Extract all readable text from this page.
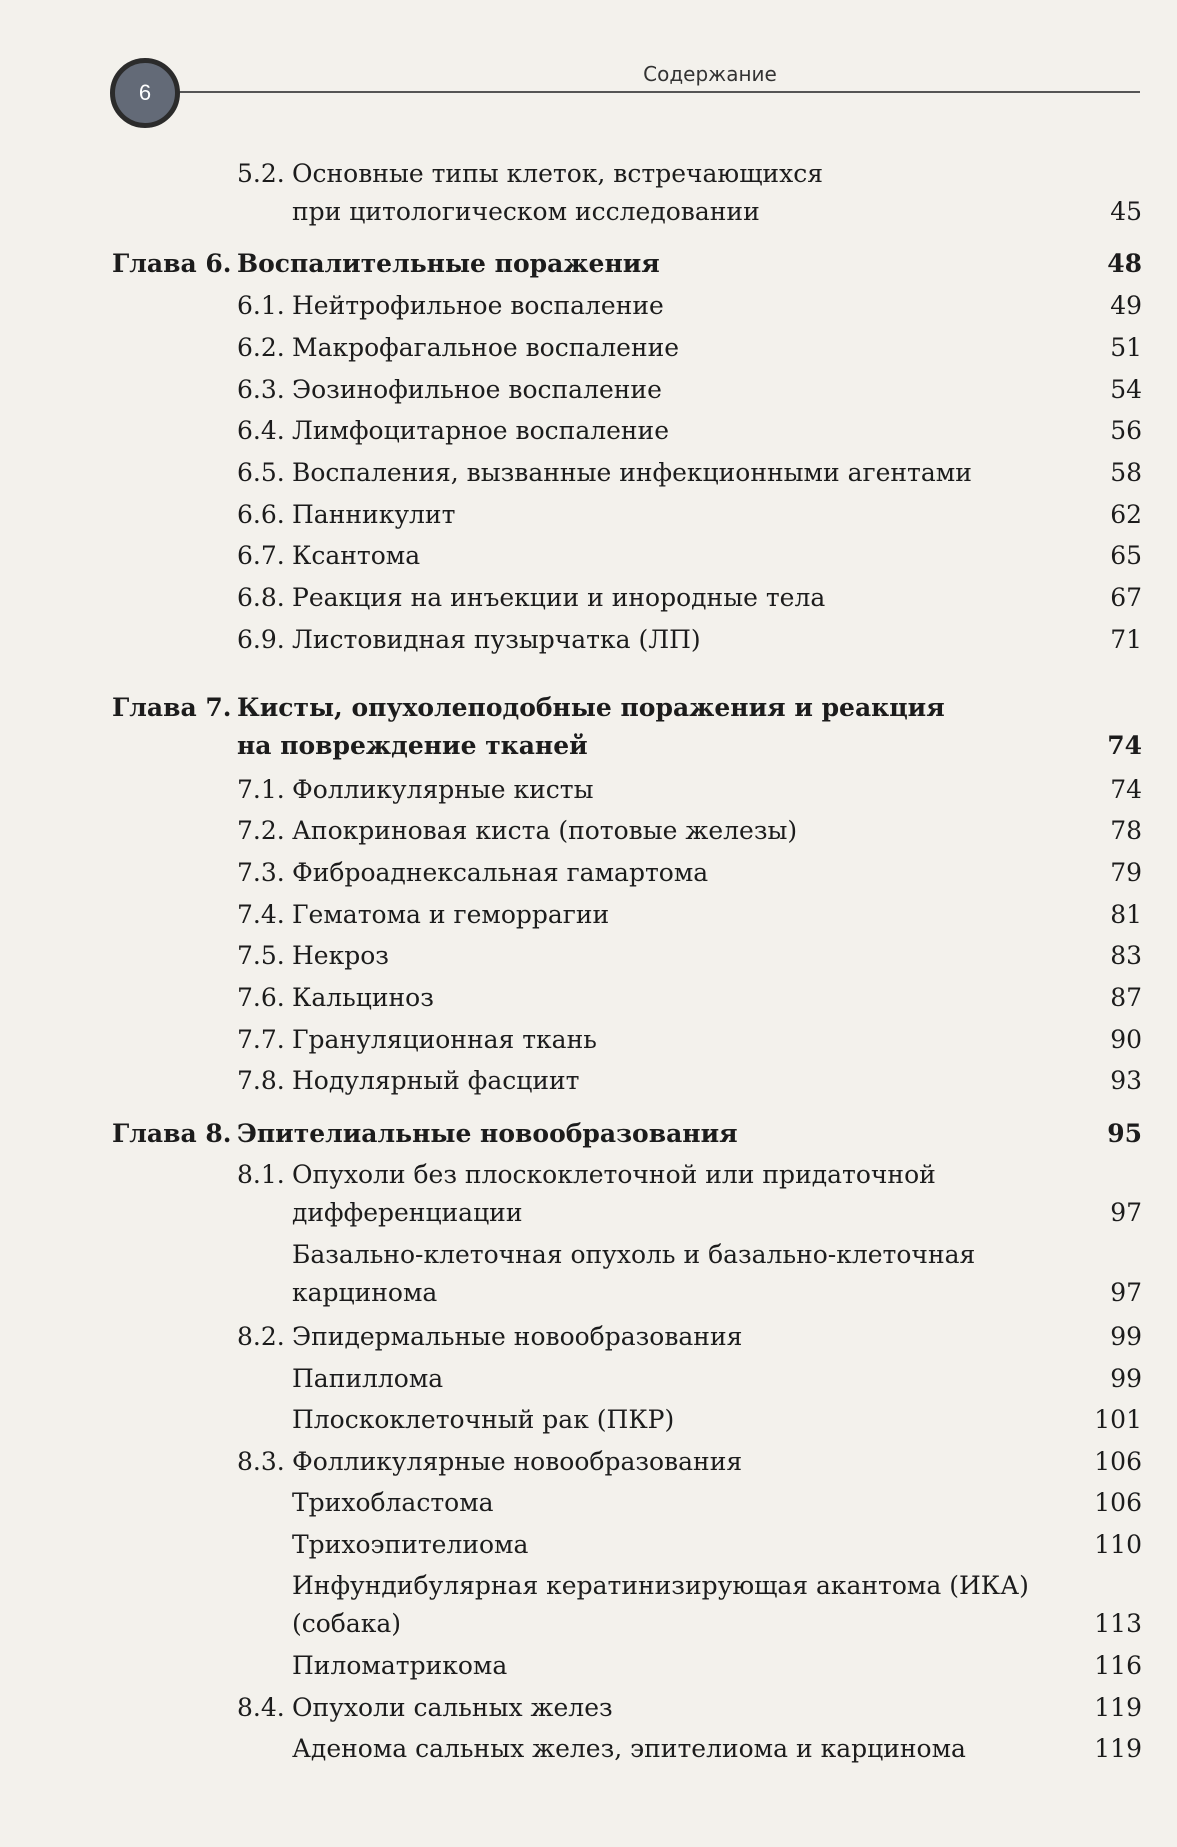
6
Содержание
5.2. Основные типы клеток, встречающихся
при цитологическом исследовании	45
Глава 6. Воспалительные поражения	48
6.1. Нейтрофильное воспаление	49
6.2. Макрофагальное воспаление	51
6.3. Эозинофильное воспаление	54
6.4. Лимфоцитарное воспаление	56
6.5. Воспаления, вызванные инфекционными агентами	58
6.6. Панникулит	62
6.7. Ксантома	65
6.8. Реакция на инъекции и инородные тела	67
6.9. Листовидная пузырчатка (ЛП)	71
Глава 7. Кисты, опухолеподобные поражения и реакция
на повреждение тканей	74
7.1. Фолликулярные кисты	74
7.2. Апокриновая киста (потовые железы)	78
7.3. Фиброаднексальная гамартома	79
7.4. Гематома и геморрагии	81
7.5. Некроз	83
7.6. Кальциноз	87
7.7. Грануляционная ткань	90
7.8. Нодулярный фасциит	93
Глава 8. Эпителиальные новообразования	95
8.1. Опухоли без плоскоклеточной или придаточной
дифференциации	97
Базально-клеточная опухоль и базально-клеточная
карцинома	97
8.2. Эпидермальные новообразования	99
Папиллома	99
Плоскоклеточный рак (ПКР)	101
8.3. Фолликулярные новообразования	106
Трихобластома	106
Трихоэпителиома	110
Инфундибулярная кератинизирующая акантома (ИКА)
(собака)	113
Пиломатрикома	116
8.4. Опухоли сальных желез	119
Аденома сальных желез, эпителиома и карцинома	119
